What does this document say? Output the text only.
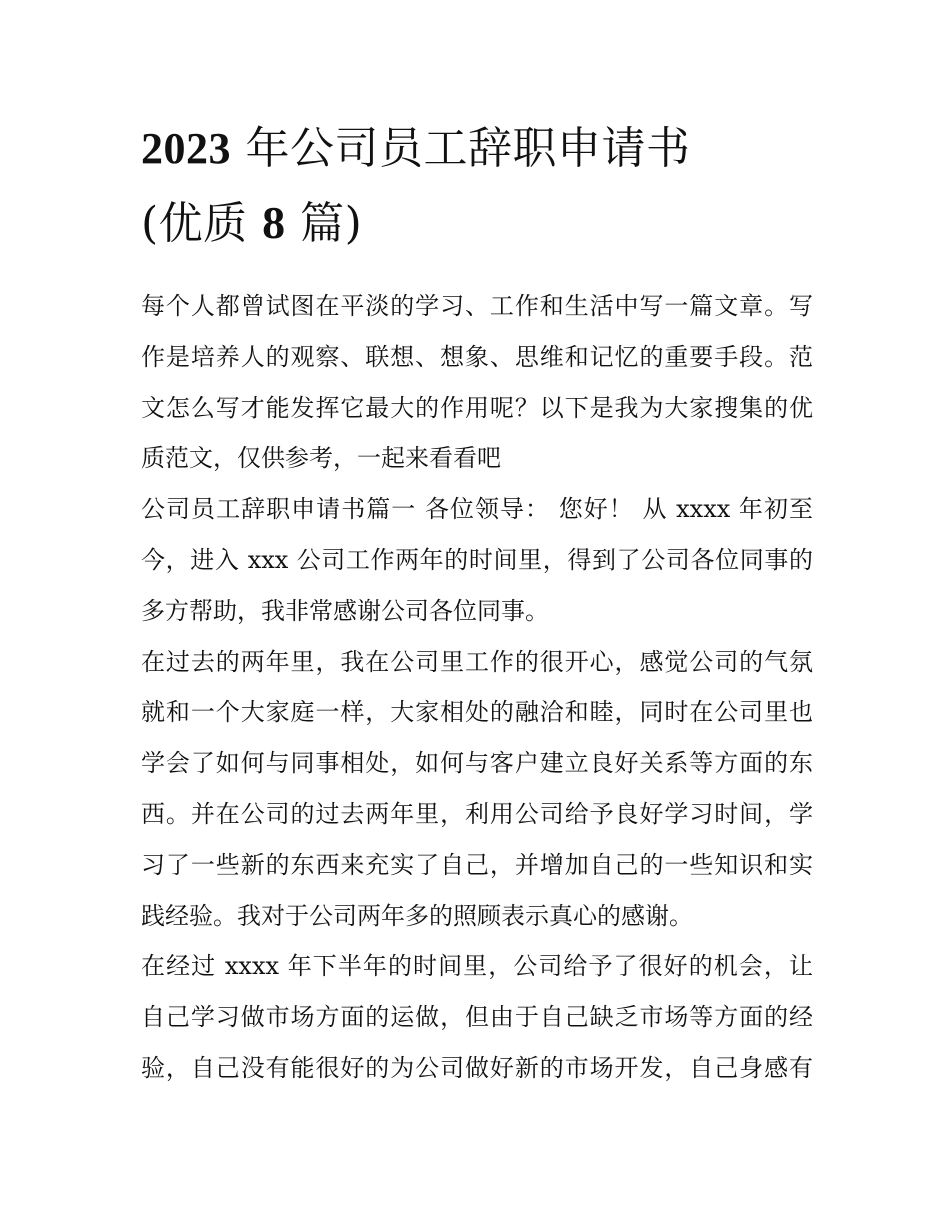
2023 年公司员工辞职申请书
(优质 8 篇)

每个人都曾试图在平淡的学习、工作和生活中写一篇文章。写
作是培养人的观察、联想、想象、思维和记忆的重要手段。范
文怎么写才能发挥它最大的作用呢？以下是我为大家搜集的优
质范文，仅供参考，一起来看看吧

公司员工辞职申请书篇一 各位领导： 您好！ 从 xxxx 年初至
今，进入 xxx 公司工作两年的时间里，得到了公司各位同事的
多方帮助，我非常感谢公司各位同事。

在过去的两年里，我在公司里工作的很开心，感觉公司的气氛
就和一个大家庭一样，大家相处的融洽和睦，同时在公司里也
学会了如何与同事相处，如何与客户建立良好关系等方面的东
西。并在公司的过去两年里，利用公司给予良好学习时间，学
习了一些新的东西来充实了自己，并增加自己的一些知识和实
践经验。我对于公司两年多的照顾表示真心的感谢。

在经过 xxxx 年下半年的时间里，公司给予了很好的机会，让
自己学习做市场方面的运做，但由于自己缺乏市场等方面的经
验，自己没有能很好的为公司做好新的市场开发，自己身感有
